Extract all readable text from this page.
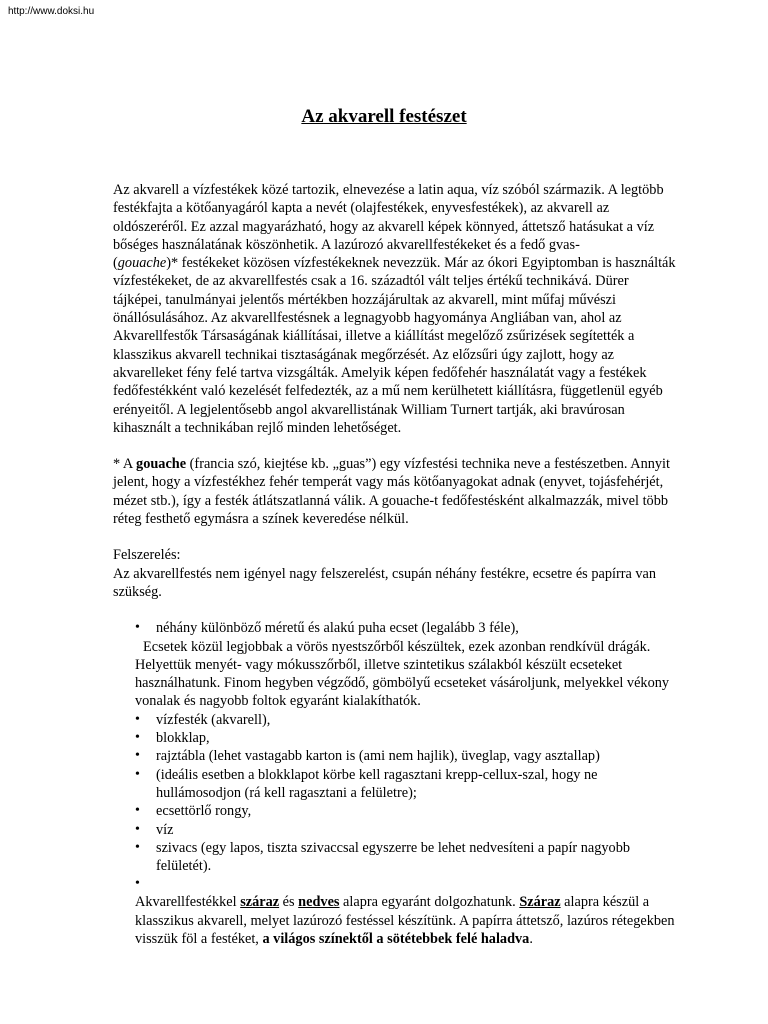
http://www.doksi.hu
Az akvarell festészet

Az akvarell a vízfestékek közé tartozik, elnevezése a latin aqua, víz szóból származik. A legtöbb festékfajta a kötőanyagáról kapta a nevét (olajfestékek, enyvesfestékek), az akvarell az oldószeréről. Ez azzal magyarázható, hogy az akvarell képek könnyed, áttetsző hatásukat a víz bőséges használatának köszönhetik. A lazúrozó akvarellfestékeket és a fedő gvas-
(gouache)* festékeket közösen vízfestékeknek nevezzük. Már az ókori Egyiptomban is használták vízfestékeket, de az akvarellfestés csak a 16. századtól vált teljes értékű technikává. Dürer tájképei, tanulmányai jelentős mértékben hozzájárultak az akvarell, mint műfaj művészi önállósulásához. Az akvarellfestésnek a legnagyobb hagyománya Angliában van, ahol az Akvarellfestők Társaságának kiállításai, illetve a kiállítást megelőző zsűrizések segítették a klasszikus akvarell technikai tisztaságának megőrzését. Az előzsűri úgy zajlott, hogy az akvarelleket fény felé tartva vizsgálták. Amelyik képen fedőfehér használatát vagy a festékek fedőfestékként való kezelését felfedezték, az a mű nem kerülhetett kiállításra, függetlenül egyéb erényeitől. A legjelentősebb angol akvarellistának William Turnert tartják, aki bravúrosan kihasznált a technikában rejlő minden lehetőséget.

* A gouache (francia szó, kiejtése kb. „guas”) egy vízfestési technika neve a festészetben. Annyit jelent, hogy a vízfestékhez fehér temperát vagy más kötőanyagokat adnak (enyvet, tojásfehérjét, mézet stb.), így a festék átlátszatlanná válik. A gouache-t fedőfestésként alkalmazzák, mivel több réteg festhető egymásra a színek keveredése nélkül.

Felszerelés:

Az akvarellfestés nem igényel nagy felszerelést, csupán néhány festékre, ecsetre és papírra van szükség.

• néhány különböző méretű és alakú puha ecset (legalább 3 féle),

Ecsetek közül legjobbak a vörös nyestszőrből készültek, ezek azonban rendkívül drágák. Helyettük menyét- vagy mókusszőrből, illetve szintetikus szálakból készült ecseteket használhatunk. Finom hegyben végződő, gömbölyű ecseteket vásároljunk, melyekkel vékony vonalak és nagyobb foltok egyaránt kialakíthatók.

• vízfesték (akvarell),
• blokklap,
• rajztábla (lehet vastagabb karton is (ami nem hajlik), üveglap, vagy asztallap)
• (ideális esetben a blokklapot körbe kell ragasztani krepp-cellux-szal, hogy ne hullámosodjon (rá kell ragasztani a felületre);
• ecsettörlő rongy,
• víz
• szivacs (egy lapos, tiszta szivaccsal egyszerre be lehet nedvesíteni a papír nagyobb felületét).
•

Akvarellfestékkel száraz és nedves alapra egyaránt dolgozhatunk. Száraz alapra készül a klasszikus akvarell, melyet lazúrozó festéssel készítünk. A papírra áttetsző, lazúros rétegekben visszük föl a festéket, a világos színektől a sötétebbek felé haladva.
